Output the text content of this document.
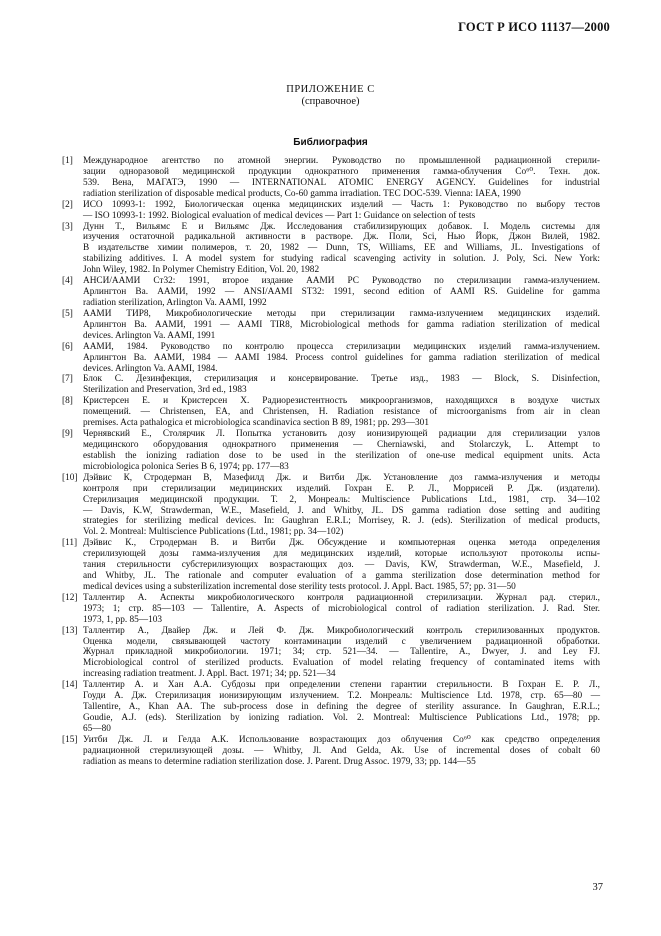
ГОСТ Р ИСО 11137—2000
ПРИЛОЖЕНИЕ С
(справочное)
Библиография
[1]	Международное агентство по атомной энергии. Руководство по промышленной радиационной стерили-
зации одноразовой медицинской продукции однократного применения гамма-облучения Co⁶⁰. Техн. док.
539. Вена, МАГАТЭ, 1990 — INTERNATIONAL ATOMIC ENERGY AGENCY. Guidelines for industrial
radiation sterilization of disposable medical products, Co-60 gamma irradiation. TEC DOC-539. Vienna: IAEA, 1990
[2]	ИСО 10993-1: 1992, Биологическая оценка медицинских изделий — Часть 1: Руководство по выбору тестов
— ISO 10993-1: 1992. Biological evaluation of medical devices — Part 1: Guidance on selection of tests
[3]	Дунн Т., Вильямс Е и Вильямс Дж. Исследования стабилизирующих добавок. I. Модель системы для
изучения остаточной радикальной активности в растворе. Дж. Поли, Sci, Нью Йорк, Джон Вилей, 1982.
В издательстве химии полимеров, т. 20, 1982 — Dunn, TS, Williams, EE and Williams, JL. Investigations of
stabilizing additives. I. A model system for studying radical scavenging activity in solution. J. Poly, Sci. New York:
John Wiley, 1982. In Polymer Chemistry Edition, Vol. 20, 1982
[4]	АНСИ/ААМИ Ст32: 1991, второе издание ААМИ РС Руководство по стерилизации гамма-излучением.
Арлингтон Ва. ААМИ, 1992 — ANSI/AAMI ST32: 1991, second edition of AAMI RS. Guideline for gamma
radiation sterilization, Arlington Va. AAMI, 1992
[5]	ААМИ ТИР8, Микробиологические методы при стерилизации гамма-излучением медицинских изделий.
Арлингтон Ва. ААМИ, 1991 — AAMI TIR8, Microbiological methods for gamma radiation sterilization of medical
devices. Arlington Va. AAMI, 1991
[6]	ААМИ, 1984. Руководство по контролю процесса стерилизации медицинских изделий гамма-излучением.
Арлингтон Ва. ААМИ, 1984 — AAMI 1984. Process control guidelines for gamma radiation sterilization of medical
devices. Arlington Va. AAMI, 1984.
[7]	Блок С. Дезинфекция, стерилизация и консервирование. Третье изд., 1983 — Block, S. Disinfection,
Sterilization and Preservation, 3rd ed., 1983
[8]	Кристерсен Е. и Кристерсен Х. Радиорезистентность микроорганизмов, находящихся в воздухе чистых
помещений. — Christensen, EA, and Christensen, H. Radiation resistance of microorganisms from air in clean
premises. Acta pathalogica et microbiologica scandinavica section B 89, 1981; pp. 293—301
[9]	Чернявский Е., Столярчик Л. Попытка установить дозу ионизирующей радиации для стерилизации узлов
медицинского оборудования однократного применения — Cherniawski, and Stolarczyk, L. Attempt to
establish the ionizing radiation dose to be used in the sterilization of one-use medical equipment units. Acta
microbiologica polonica Series B 6, 1974; pp. 177—83
[10] Дэйвис К, Стродерман В, Мазефилд Дж. и Витби Дж. Установление доз гамма-излучения и методы
контроля при стерилизации медицинских изделий. Гохран Е. Р. Л., Моррисей Р. Дж. (издатели).
Стерилизация медицинской продукции. Т. 2, Монреаль: Multiscience Publications Ltd., 1981, стр. 34—102
— Davis, K.W, Strawderman, W.E., Masefield, J. and Whitby, JL. DS gamma radiation dose setting and auditing
strategies for sterilizing medical devices. In: Gaughran E.R.L; Morrisey, R. J. (eds). Sterilization of medical products,
Vol. 2. Montreal: Multiscience Publications (Ltd., 1981; pp. 34—102)
[11] Дэйвис К., Стродерман В. и Витби Дж. Обсуждение и компьютерная оценка метода определения
стерилизующей дозы гамма-излучения для медицинских изделий, которые используют протоколы испы-
тания стерильности субстерилизующих возрастающих доз. — Davis, KW, Strawderman, W.E., Masefield, J.
and Whitby, JL. The rationale and computer evaluation of a gamma sterilization dose determination method for
medical devices using a substerilization incremental dose sterility tests protocol. J. Appl. Bact. 1985, 57; pp. 31—50
[12] Таллентир А. Аспекты микробиологического контроля радиационной стерилизации. Журнал рад. стерил.,
1973; 1; стр. 85—103 — Tallentire, A. Aspects of microbiological control of radiation sterilization. J. Rad. Ster.
1973, 1, pp. 85—103
[13] Таллентир А., Двайер Дж. и Лей Ф. Дж. Микробиологический контроль стерилизованных продуктов.
Оценка модели, связывающей частоту контаминации изделий с увеличением радиационной обработки.
Журнал прикладной микробиологии. 1971; 34; стр. 521—34. — Tallentire, A., Dwyer, J. and Ley FJ.
Microbiological control of sterilized products. Evaluation of model relating frequency of contaminated items with
increasing radiation treatment. J. Appl. Bact. 1971; 34; pp. 521—34
[14] Таллентир А. и Хан А.А. Субдозы при определении степени гарантии стерильности. В Гохран Е. Р. Л.,
Гоуди А. Дж. Стерилизация ионизирующим излучением. Т.2. Монреаль: Multiscience Ltd. 1978, стр. 65—80 —
Tallentire, A., Khan AA. The sub-process dose in defining the degree of sterility assurance. In Gaughran, E.R.L.;
Goudie, A.J. (eds). Sterilization by ionizing radiation. Vol. 2. Montreal: Multiscience Publications Ltd., 1978; pp.
65—80
[15] Уитби Дж. Л. и Гелда А.К. Использование возрастающих доз облучения Co⁶⁰ как средство определения
радиационной стерилизующей дозы. — Whitby, Jl. And Gelda, Ak. Use of incremental doses of cobalt 60
radiation as means to determine radiation sterilization dose. J. Parent. Drug Assoc. 1979, 33; pp. 144—55
37
